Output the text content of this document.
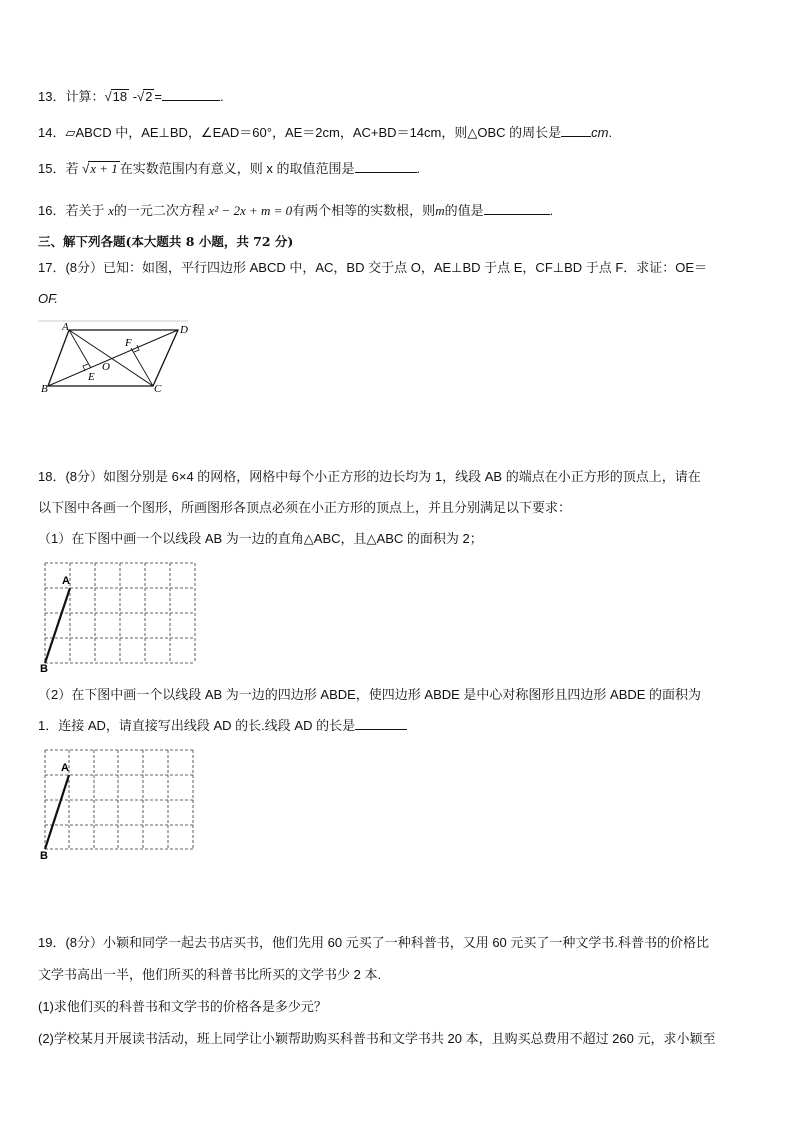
13．计算：√18 -√2 =	.
14．▱ABCD 中，AE⊥BD，∠EAD＝60°，AE＝2cm，AC+BD＝14cm，则△OBC 的周长是 cm.
15．若 √x + 1 在实数范围内有意义，则 x 的取值范围是	.
16．若关于 x的一元二次方程 x² − 2x + m = 0有两个相等的实数根，则m的值是	.
三、解下列各题(本大题共 8 小题，共 72 分)
17．(8分）已知：如图，平行四边形 ABCD 中，AC，BD 交于点 O，AE⊥BD 于点 E，CF⊥BD 于点 F．求证：OE＝
OF.
A	D
B	C
E
F
O
18．(8分）如图分别是 6×4 的网格，网格中每个小正方形的边长均为 1，线段 AB 的端点在小正方形的顶点上，请在
以下图中各画一个图形，所画图形各顶点必须在小正方形的顶点上，并且分别满足以下要求：
（1）在下图中画一个以线段 AB 为一边的直角△ABC，且△ABC 的面积为 2；
A
B
（2）在下图中画一个以线段 AB 为一边的四边形 ABDE，使四边形 ABDE 是中心对称图形且四边形 ABDE 的面积为
1．连接 AD，请直接写出线段 AD 的长.线段 AD 的长是
A
B
19．(8分）小颖和同学一起去书店买书，他们先用 60 元买了一种科普书，又用 60 元买了一种文学书.科普书的价格比
文学书高出一半，他们所买的科普书比所买的文学书少 2 本.
(1)求他们买的科普书和文学书的价格各是多少元？
(2)学校某月开展读书活动，班上同学让小颖帮助购买科普书和文学书共 20 本，且购买总费用不超过 260 元，求小颖至
